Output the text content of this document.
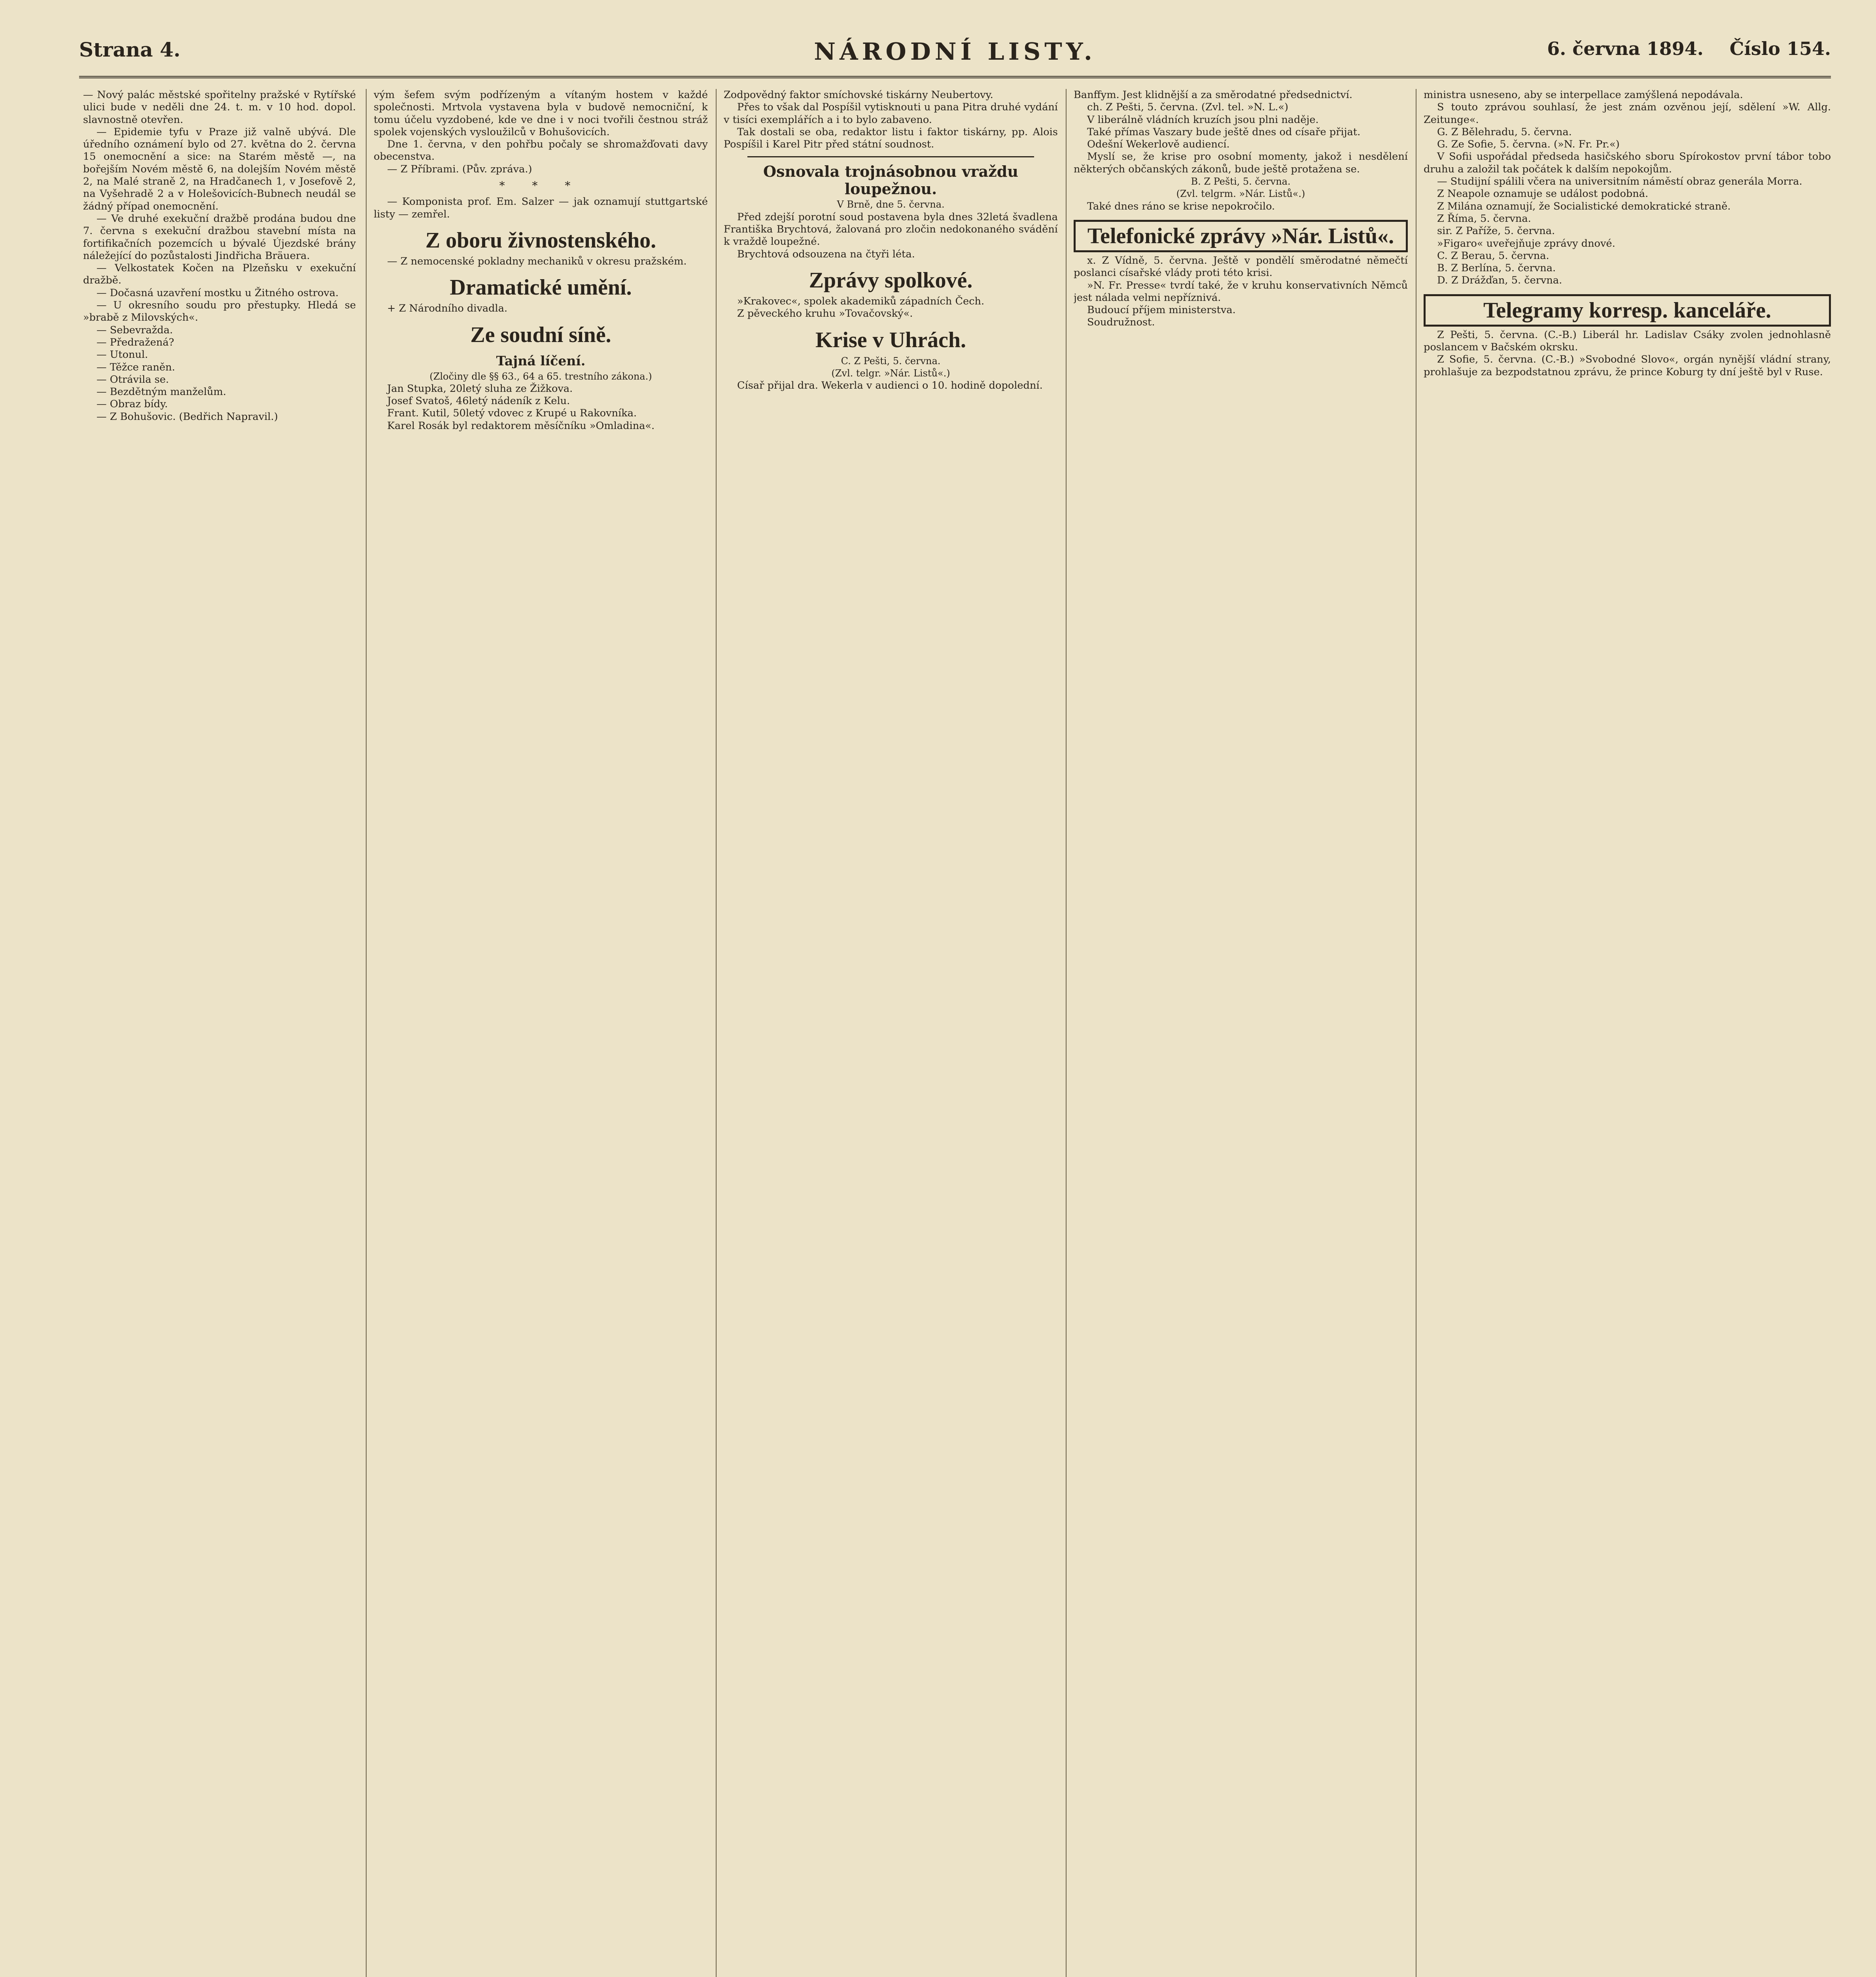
Strana 4.	NÁRODNÍ LISTY.	6. června 1894. Číslo 154.

— Nový palác městské spořitelny pražské v Rytířské ulici bude v neděli dne 24. t. m. v 10 hod. dopol. slavnostně otevřen.

— Epidemie tyfu v Praze již valně ubývá. Dle úředního oznámení bylo od 27. května do 2. června 15 onemocnění a sice: na Starém městě —, na bořejším Novém městě 6, na dolejším Novém městě 2, na Malé straně 2, na Hradčanech 1, v Josefově 2, na Vyšehradě 2 a v Holešovicích-Bubnech neudál se žádný případ onemocnění.

— Ve druhé exekuční dražbě prodána budou dne 7. června s exekuční dražbou stavební místa na fortifikačních pozemcích u bývalé Újezdské brány náležející do pozůstalosti Jindřicha Bräuera.

— Velkostatek Kočen na Plzeňsku v exekuční dražbě.

— Dočasná uzavření mostku u Žitného ostrova.

— U okresního soudu pro přestupky. Hledá se »brabě z Milovských«.

— Sebevražda.

— Předražená?

— Utonul.

— Těžce raněn.

— Otrávila se.

— Bezdětným manželům.

— Obraz bídy.

— Z Bohušovic. (Bedřich Napravil.)

vým šefem svým podřízeným a vítaným hostem v každé společnosti. Mrtvola vystavena byla v budově nemocniční, k tomu účelu vyzdobené, kde ve dne i v noci tvořili čestnou stráž spolek vojenských vysloužilců v Bohušovicích.

Dne 1. června, v den pohřbu počaly se shromažďovati davy obecenstva.

— Z Příbrami. (Pův. zpráva.)

* * *

— Komponista prof. Em. Salzer — jak oznamují stuttgartské listy — zemřel.

Z oboru živnostenského.

— Z nemocenské pokladny mechaniků v okresu pražském.

Dramatické umění.

+ Z Národního divadla.

Ze soudní síně.
Tajná líčení.

(Zločiny dle §§ 63., 64 a 65. trestního zákona.)

Jan Stupka, 20letý sluha ze Žižkova.

Josef Svatoš, 46letý nádeník z Kelu.

Frant. Kutil, 50letý vdovec z Krupé u Rakovníka.

Karel Rosák byl redaktorem měsíčníku »Omladina«.

Zodpovědný faktor smíchovské tiskárny Neubertovy.

Přes to však dal Pospíšil vytisknouti u pana Pitra druhé vydání v tisíci exemplářích a i to bylo zabaveno.

Tak dostali se oba, redaktor listu i faktor tiskárny, pp. Alois Pospíšil i Karel Pitr před státní soudnost.

Osnovala trojnásobnou vraždu loupežnou.

V Brně, dne 5. června.

Před zdejší porotní soud postavena byla dnes 32letá švadlena Františka Brychtová, žalovaná pro zločin nedokonaného svádění k vraždě loupežné.

Brychtová odsouzena na čtyři léta.

Zprávy spolkové.

»Krakovec«, spolek akademiků západních Čech.

Z pěveckého kruhu »Tovačovský«.

Krise v Uhrách.

C. Z Pešti, 5. června.

(Zvl. telgr. »Nár. Listů«.)

Císař přijal dra. Wekerla v audienci o 10. hodině dopolední.

Banffym. Jest klidnější a za směrodatné předsednictví.

ch. Z Pešti, 5. června. (Zvl. tel. »N. L.«)

V liberálně vládních kruzích jsou plni naděje.

Také přímas Vaszary bude ještě dnes od císaře přijat.

Odešní Wekerlově audiencí.

Myslí se, že krise pro osobní momenty, jakož i nesdělení některých občanských zákonů, bude ještě protažena se.

B. Z Pešti, 5. června.

(Zvl. telgrm. »Nár. Listů«.)

Také dnes ráno se krise nepokročilo.

Telefonické zprávy »Nár. Listů«.

x. Z Vídně, 5. června. Ještě v pondělí směrodatné němečtí poslanci císařské vlády proti této krisi.

»N. Fr. Presse« tvrdí také, že v kruhu konservativních Němců jest nálada velmi nepříznivá.

Budoucí příjem ministerstva.

Soudružnost.

ministra usneseno, aby se interpellace zamýšlená nepodávala.

S touto zprávou souhlasí, že jest znám ozvěnou její, sdělení »W. Allg. Zeitunge«.

G. Z Bělehradu, 5. června.

G. Ze Sofie, 5. června. (»N. Fr. Pr.«)

V Sofii uspořádal předseda hasičského sboru Spírokostov první tábor tobo druhu a založil tak počátek k dalším nepokojům.

— Studijní spálili včera na universitním náměstí obraz generála Morra.

Z Neapole oznamuje se událost podobná.

Z Milána oznamují, že Socialistické demokratické straně.

Z Říma, 5. června.

sir. Z Paříže, 5. června.

»Figaro« uveřejňuje zprávy dnové.

C. Z Berau, 5. června.

B. Z Berlína, 5. června.

D. Z Drážďan, 5. června.

Telegramy korresp. kanceláře.

Z Pešti, 5. června. (C.-B.) Liberál hr. Ladislav Csáky zvolen jednohlasně poslancem v Bačském okrsku.

Z Sofie, 5. června. (C.-B.) »Svobodné Slovo«, orgán nynější vládní strany, prohlašuje za bezpodstatnou zprávu, že prince Koburg ty dní ještě byl v Ruse.
